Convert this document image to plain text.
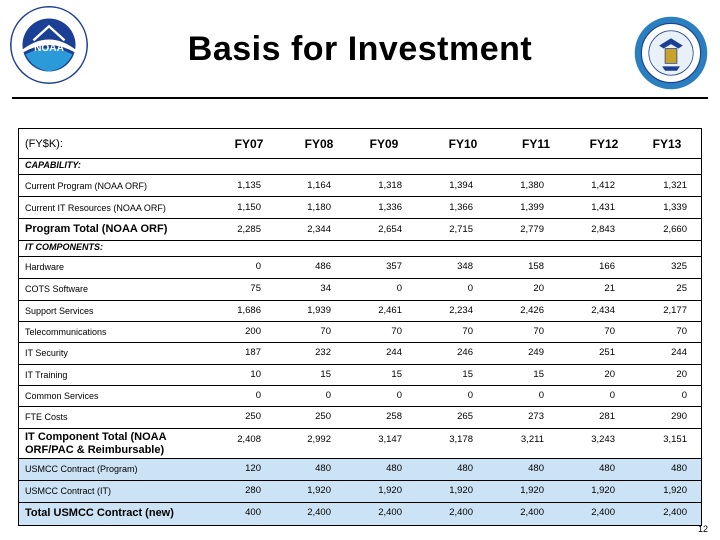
NOAA	Basis for Investment
(FY$K):	FY07	FY08	FY09	FY10	FY11	FY12	FY13
CAPABILITY:
Current Program (NOAA ORF)	1,135	1,164	1,318	1,394	1,380	1,412	1,321
Current IT Resources (NOAA ORF)	1,150	1,180	1,336	1,366	1,399	1,431	1,339
Program Total (NOAA ORF)	2,285	2,344	2,654	2,715	2,779	2,843	2,660
IT COMPONENTS:
Hardware	0	486	357	348	158	166	325
COTS Software	75	34	0	0	20	21	25
Support Services	1,686	1,939	2,461	2,234	2,426	2,434	2,177
Telecommunications	200	70	70	70	70	70	70
IT Security	187	232	244	246	249	251	244
IT Training	10	15	15	15	15	20	20
Common Services	0	0	0	0	0	0	0
FTE Costs	250	250	258	265	273	281	290
IT Component Total (NOAA ORF/PAC & Reimbursable)
2,408	2,992	3,147	3,178	3,211	3,243	3,151
USMCC Contract (Program)	120	480	480	480	480	480	480
USMCC Contract (IT)	280	1,920	1,920	1,920	1,920	1,920	1,920
Total USMCC Contract (new)	400	2,400	2,400	2,400	2,400	2,400	2,400
12
